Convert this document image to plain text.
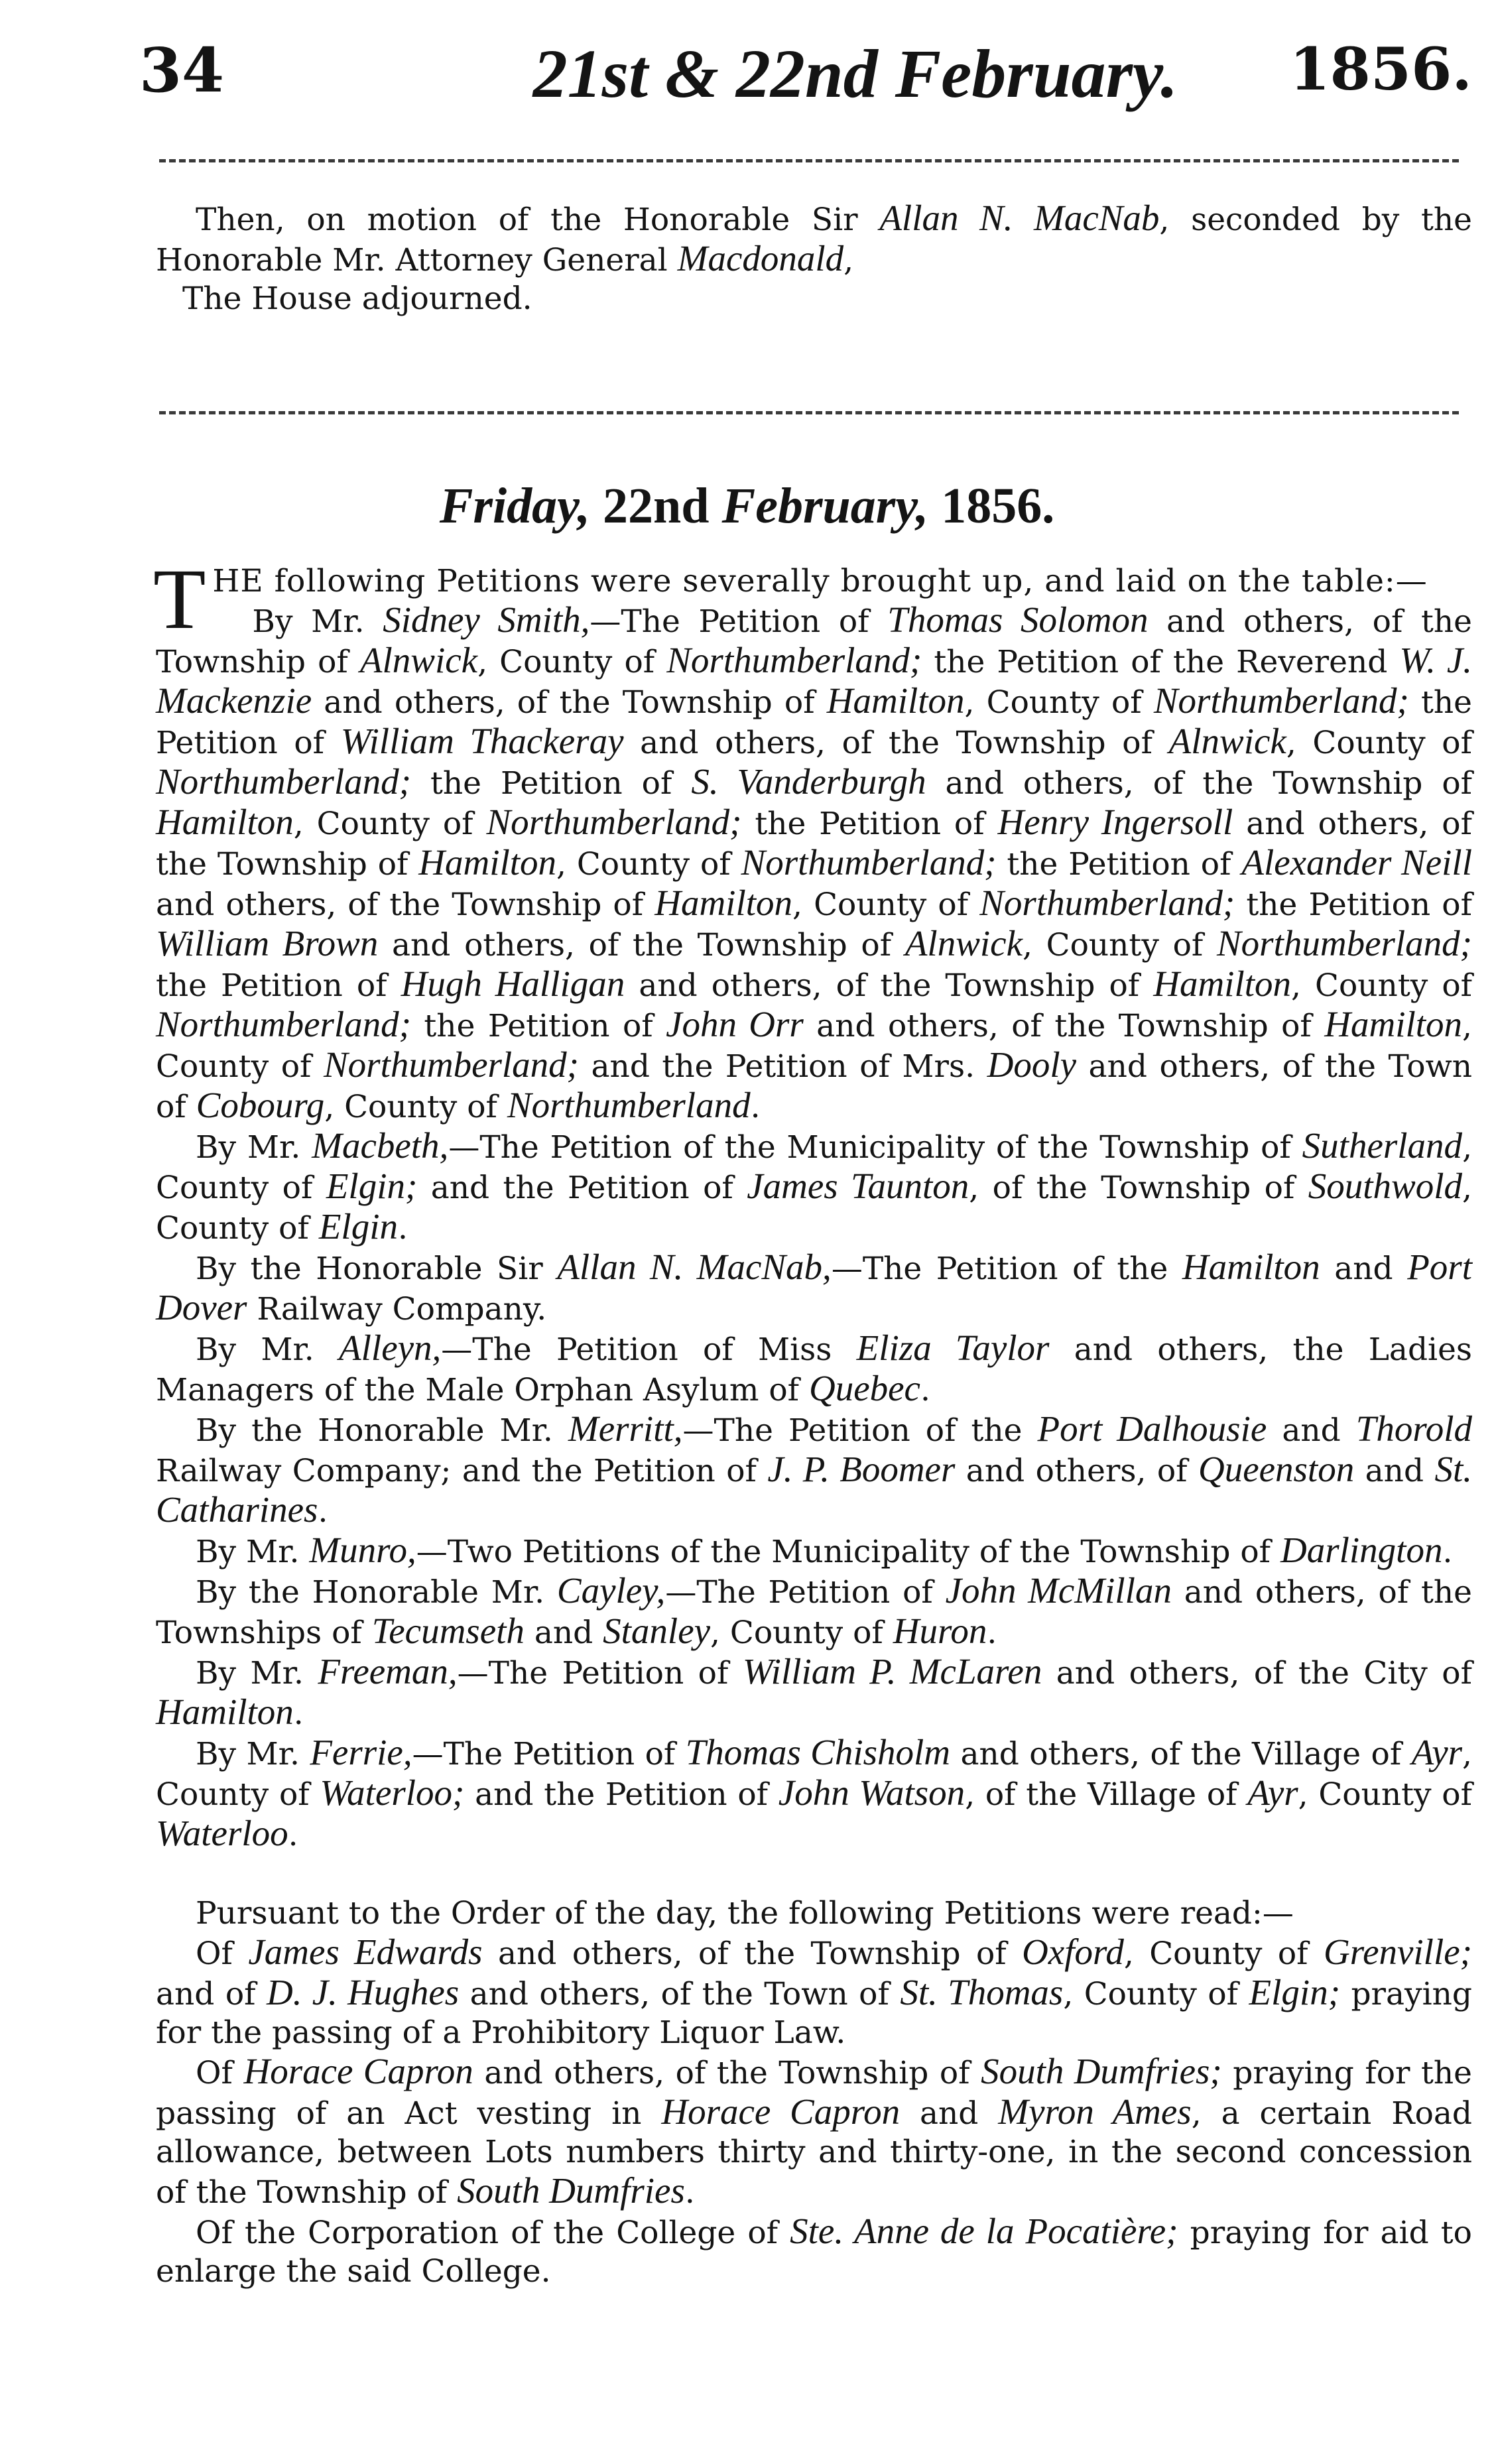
34	21st & 22nd February.	1856.

Then, on motion of the Honorable Sir Allan N. MacNab, seconded by the Honorable Mr. Attorney General Macdonald,

The House adjourned.

Friday, 22nd February, 1856.

THE following Petitions were severally brought up, and laid on the table:—

By Mr. Sidney Smith,—The Petition of Thomas Solomon and others, of the Township of Alnwick, County of Northumberland; the Petition of the Reverend W. J. Mackenzie and others, of the Township of Hamilton, County of Northumberland; the Petition of William Thackeray and others, of the Township of Alnwick, County of Northumberland; the Petition of S. Vanderburgh and others, of the Township of Hamilton, County of Northumberland; the Petition of Henry Ingersoll and others, of the Township of Hamilton, County of Northumberland; the Petition of Alexander Neill and others, of the Township of Hamilton, County of Northumberland; the Petition of William Brown and others, of the Township of Alnwick, County of Northumberland; the Petition of Hugh Halligan and others, of the Township of Hamilton, County of Northumberland; the Petition of John Orr and others, of the Township of Hamilton, County of Northumberland; and the Petition of Mrs. Dooly and others, of the Town of Cobourg, County of Northumberland.

By Mr. Macbeth,—The Petition of the Municipality of the Township of Sutherland, County of Elgin; and the Petition of James Taunton, of the Township of Southwold, County of Elgin.

By the Honorable Sir Allan N. MacNab,—The Petition of the Hamilton and Port Dover Railway Company.

By Mr. Alleyn,—The Petition of Miss Eliza Taylor and others, the Ladies Managers of the Male Orphan Asylum of Quebec.

By the Honorable Mr. Merritt,—The Petition of the Port Dalhousie and Thorold Railway Company; and the Petition of J. P. Boomer and others, of Queenston and St. Catharines.

By Mr. Munro,—Two Petitions of the Municipality of the Township of Darlington.

By the Honorable Mr. Cayley,—The Petition of John McMillan and others, of the Townships of Tecumseth and Stanley, County of Huron.

By Mr. Freeman,—The Petition of William P. McLaren and others, of the City of Hamilton.

By Mr. Ferrie,—The Petition of Thomas Chisholm and others, of the Village of Ayr, County of Waterloo; and the Petition of John Watson, of the Village of Ayr, County of Waterloo.

Pursuant to the Order of the day, the following Petitions were read:—

Of James Edwards and others, of the Township of Oxford, County of Grenville; and of D. J. Hughes and others, of the Town of St. Thomas, County of Elgin; praying for the passing of a Prohibitory Liquor Law.

Of Horace Capron and others, of the Township of South Dumfries; praying for the passing of an Act vesting in Horace Capron and Myron Ames, a certain Road allowance, between Lots numbers thirty and thirty-one, in the second concession of the Township of South Dumfries.

Of the Corporation of the College of Ste. Anne de la Pocatière; praying for aid to enlarge the said College.
